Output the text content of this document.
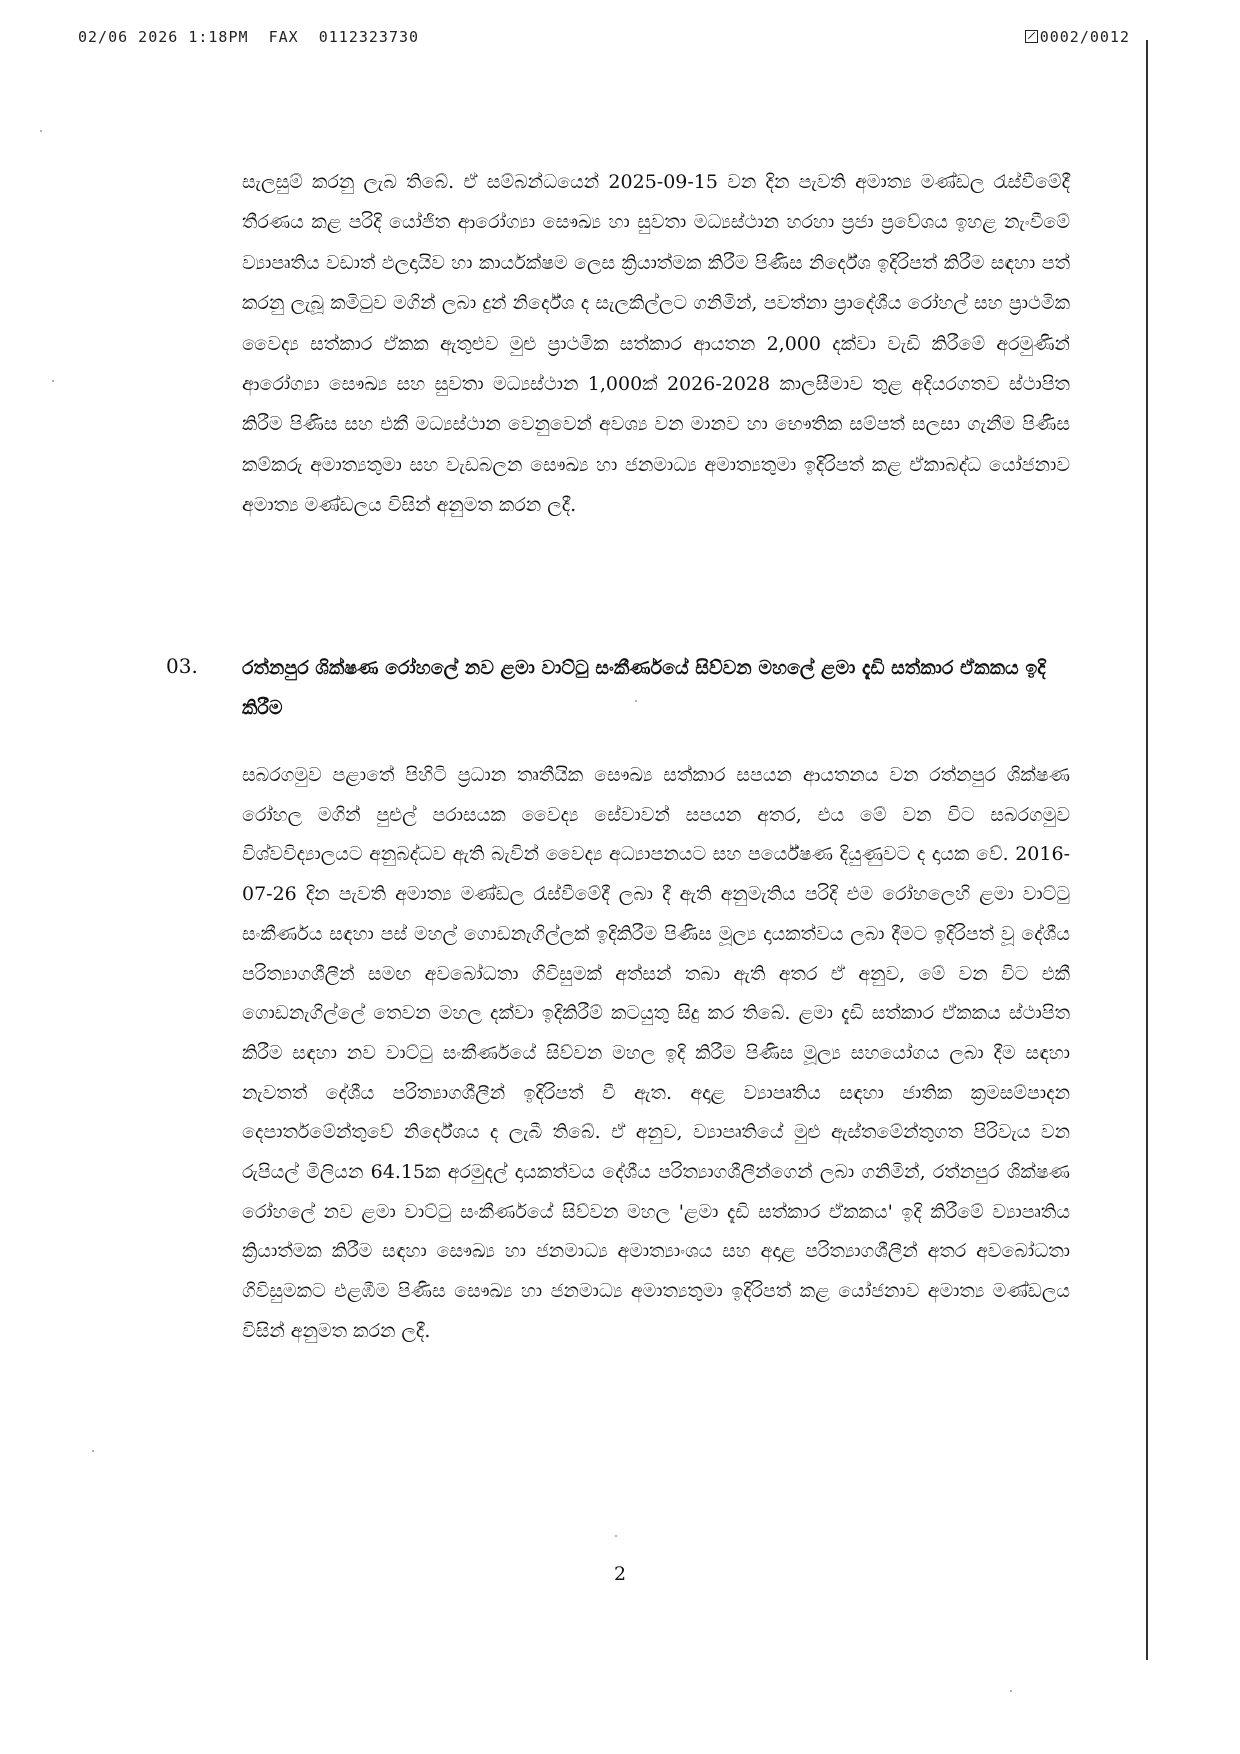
02/06 2026 1:18PM  FAX  0112323730	0002/0012

සැලසුම් කරනු ලැබ තිබේ. ඒ සම්බන්ධයෙන් 2025-09-15 වන දින පැවති අමාත්‍ය මණ්ඩල රැස්වීමේදී තීරණය කළ පරිදි යෝජිත ආරෝග්‍යා සෞඛ්‍ය හා සුවතා මධ්‍යස්ථාන හරහා ප්‍රජා ප්‍රවේශය ඉහළ නැංවීමේ ව්‍යාපෘතිය වඩාත් ඵලදායිව හා කාර්යක්ෂම ලෙස ක්‍රියාත්මක කිරීම පිණිස නිර්දේශ ඉදිරිපත් කිරීම සඳහා පත් කරනු ලැබූ කමිටුව මගින් ලබා දුන් නිර්දේශ ද සැලකිල්ලට ගනිමින්, පවත්නා ප්‍රාදේශීය රෝහල් සහ ප්‍රාථමික වෛද්‍ය සත්කාර ඒකක ඇතුළුව මුළු ප්‍රාථමික සත්කාර ආයතන 2,000 දක්වා වැඩි කිරීමේ අරමුණින් ආරෝග්‍යා සෞඛ්‍ය සහ සුවතා මධ්‍යස්ථාන 1,000ක් 2026-2028 කාලසීමාව තුළ අදියරගතව ස්ථාපිත කිරීම පිණිස සහ එකී මධ්‍යස්ථාන වෙනුවෙන් අවශ්‍ය වන මානව හා භෞතික සම්පත් සලසා ගැනීම පිණිස කම්කරු අමාත්‍යතුමා සහ වැඩබලන සෞඛ්‍ය හා ජනමාධ්‍ය අමාත්‍යතුමා ඉදිරිපත් කළ ඒකාබද්ධ යෝජනාව අමාත්‍ය මණ්ඩලය විසින් අනුමත කරන ලදී.

03. රත්නපුර ශික්ෂණ රෝහලේ නව ළමා වාට්ටු සංකීර්ණයේ සිව්වන මහලේ ළමා දැඩි සත්කාර ඒකකය ඉදි කිරීම

සබරගමුව පළාතේ පිහිටි ප්‍රධාන තෘතීයික සෞඛ්‍ය සත්කාර සපයන ආයතනය වන රත්නපුර ශික්ෂණ රෝහල මගින් පුළුල් පරාසයක වෛද්‍ය සේවාවන් සපයන අතර, එය මේ වන විට සබරගමුව විශ්වවිද්‍යාලයට අනුබද්ධව ඇති බැවින් වෛද්‍ය අධ්‍යාපනයට සහ පර්යේෂණ දියුණුවට ද දායක වේ. 2016-07-26 දින පැවති අමාත්‍ය මණ්ඩල රැස්වීමේදී ලබා දී ඇති අනුමැතිය පරිදි එම රෝහලෙහි ළමා වාට්ටු සංකීර්ණය සඳහා පස් මහල් ගොඩනැගිල්ලක් ඉදිකිරීම පිණිස මූල්‍ය දායකත්වය ලබා දීමට ඉදිරිපත් වූ දේශීය පරිත්‍යාගශීලීන් සමඟ අවබෝධතා ගිවිසුමක් අත්සන් තබා ඇති අතර ඒ අනුව, මේ වන විට එකී ගොඩනැගිල්ලේ තෙවන මහල දක්වා ඉදිකිරීම් කටයුතු සිදු කර තිබේ. ළමා දැඩි සත්කාර ඒකකය ස්ථාපිත කිරීම සඳහා නව වාට්ටු සංකීර්ණයේ සිව්වන මහල ඉදි කිරීම පිණිස මූල්‍ය සහයෝගය ලබා දීම සඳහා නැවතත් දේශීය පරිත්‍යාගශීලීන් ඉදිරිපත් වී ඇත. අදාළ ව්‍යාපෘතිය සඳහා ජාතික ක්‍රමසම්පාදන දෙපාර්තමේන්තුවේ නිර්දේශය ද ලැබී තිබේ. ඒ අනුව, ව්‍යාපෘතියේ මුළු ඇස්තමේන්තුගත පිරිවැය වන රුපියල් මිලියන 64.15ක අරමුදල් දායකත්වය දේශීය පරිත්‍යාගශීලීන්ගෙන් ලබා ගනිමින්, රත්නපුර ශික්ෂණ රෝහලේ නව ළමා වාට්ටු සංකීර්ණයේ සිව්වන මහල 'ළමා දැඩි සත්කාර ඒකකය' ඉදි කිරීමේ ව්‍යාපෘතිය ක්‍රියාත්මක කිරීම සඳහා සෞඛ්‍ය හා ජනමාධ්‍ය අමාත්‍යාංශය සහ අදාළ පරිත්‍යාගශීලීන් අතර අවබෝධතා ගිවිසුමකට එළඹීම පිණිස සෞඛ්‍ය හා ජනමාධ්‍ය අමාත්‍යතුමා ඉදිරිපත් කළ යෝජනාව අමාත්‍ය මණ්ඩලය විසින් අනුමත කරන ලදී.

2
